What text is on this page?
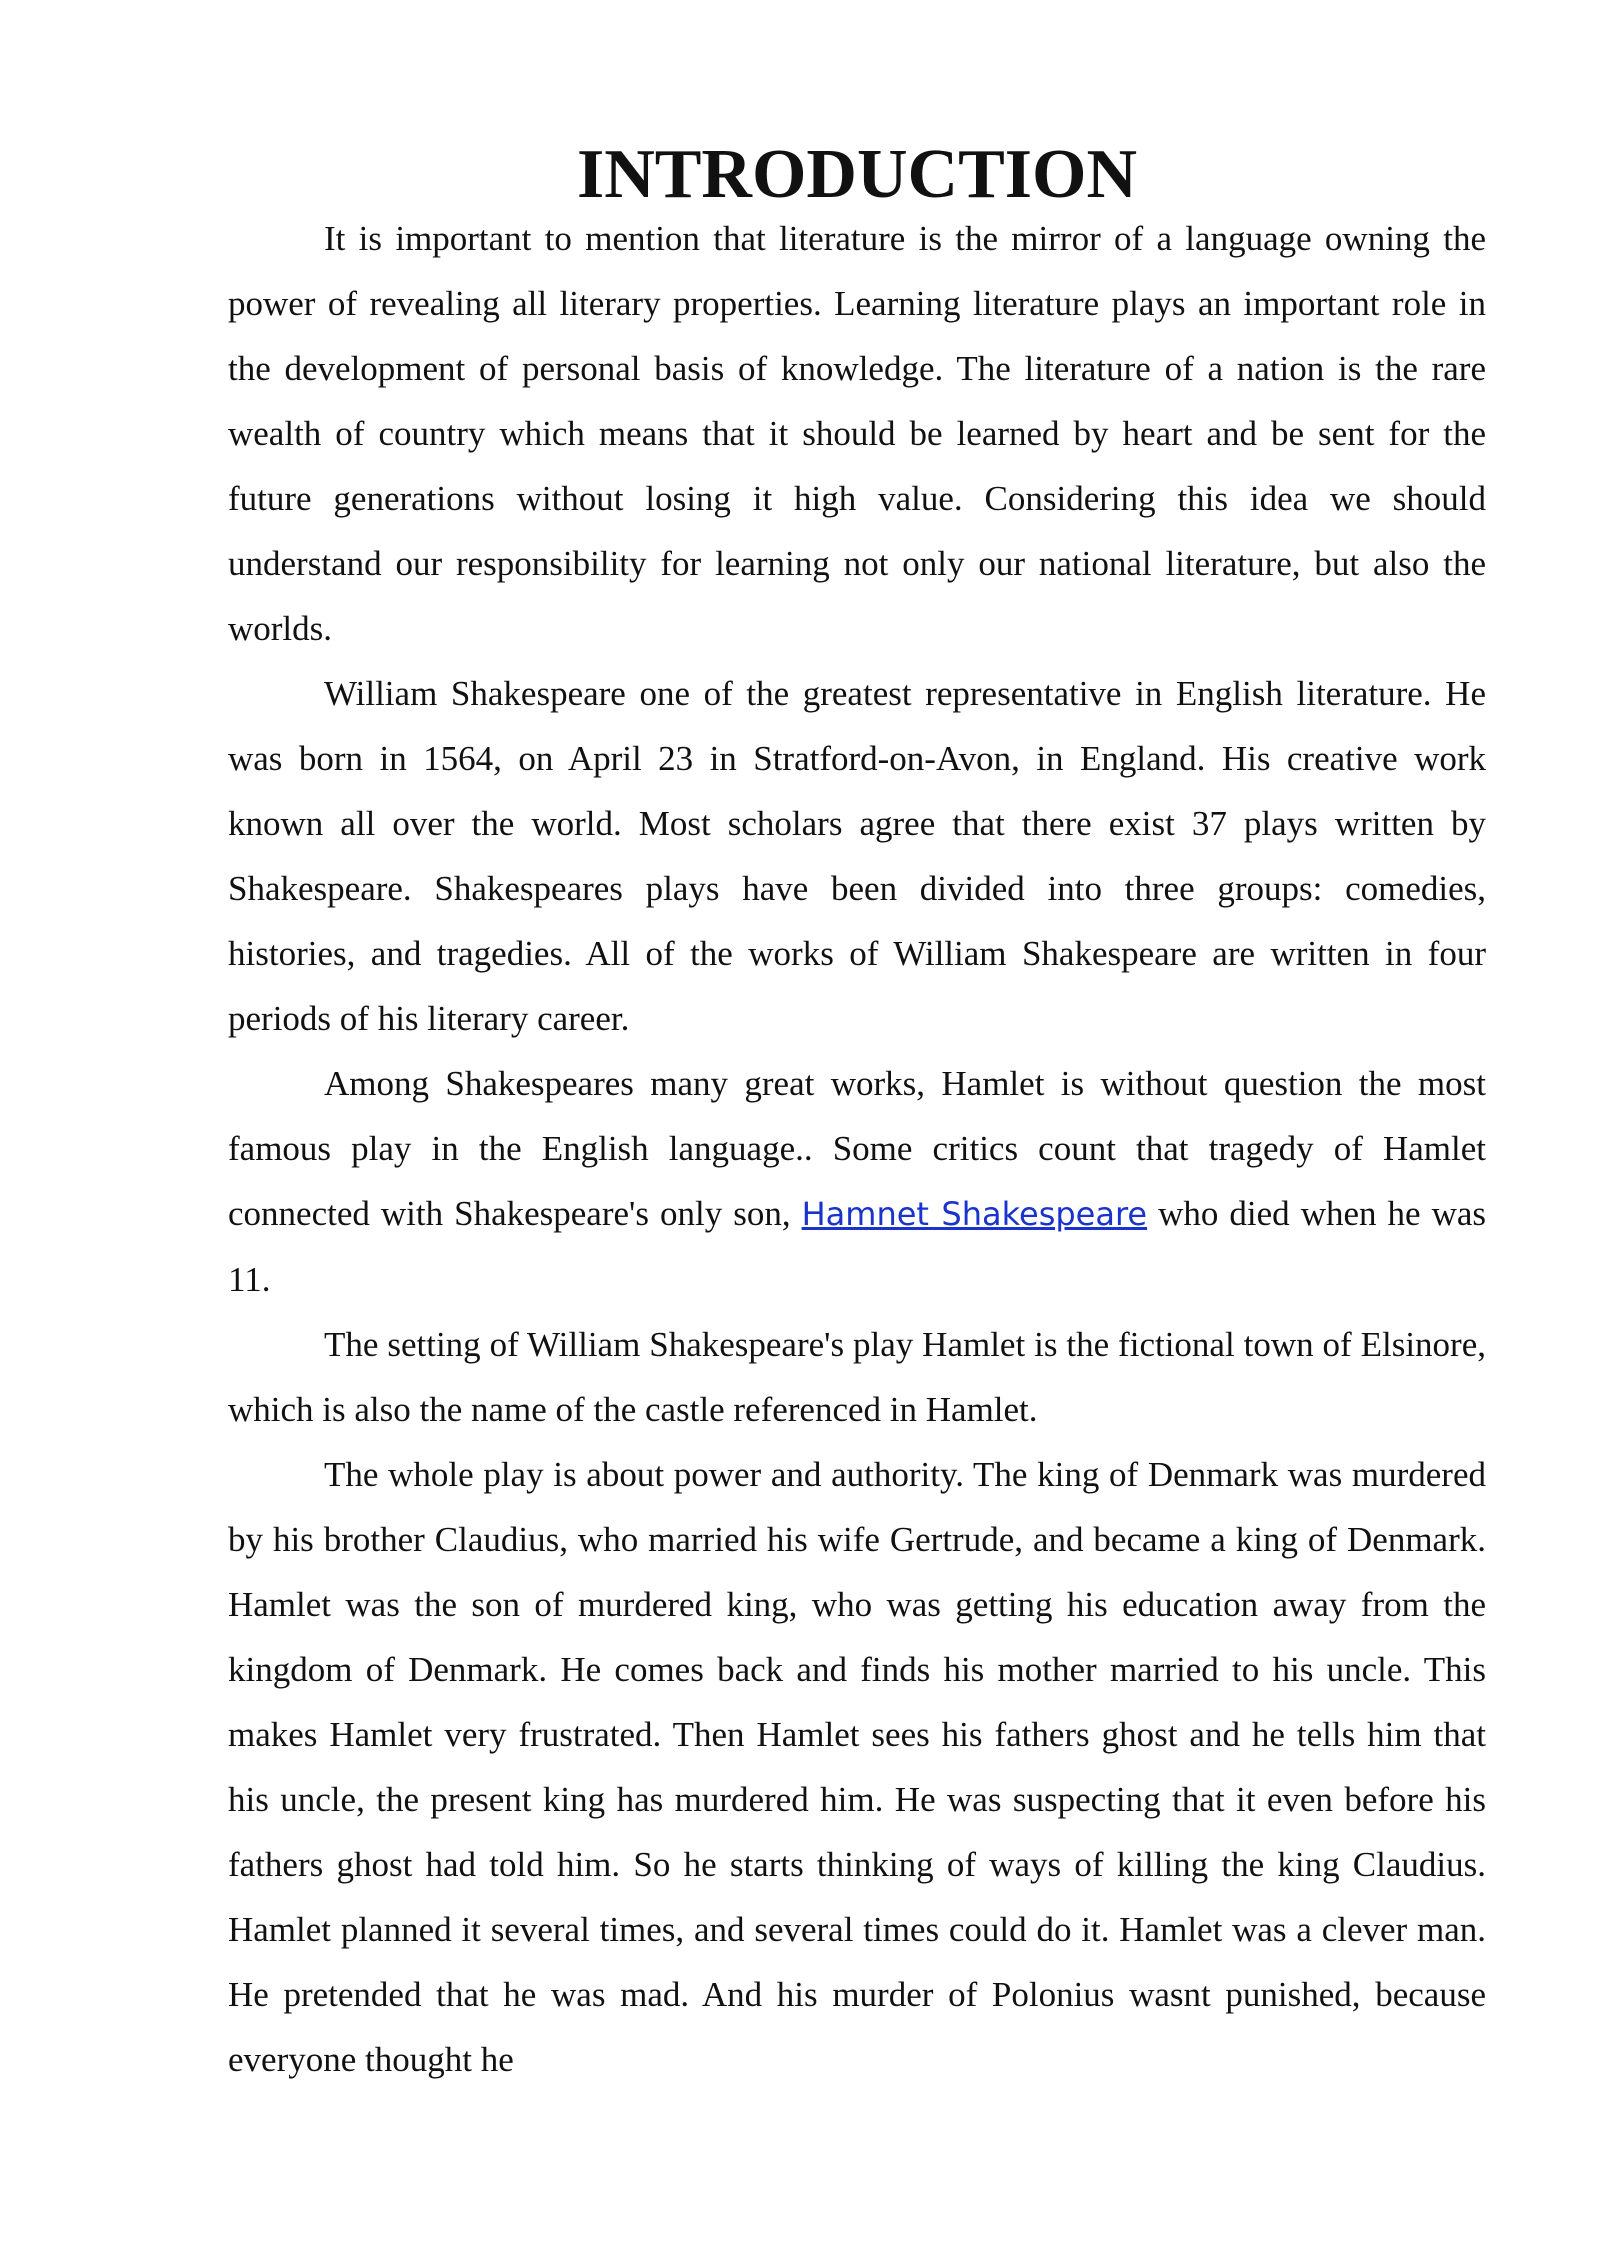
INTRODUCTION

It is important to mention that literature is the mirror of a language owning the power of revealing all literary properties. Learning literature plays an important role in the development of personal basis of knowledge. The literature of a nation is the rare wealth of country which means that it should be learned by heart and be sent for the future generations without losing it high value. Considering this idea we should understand our responsibility for learning not only our national literature, but also the worlds.

William Shakespeare one of the greatest representative in English literature. He was born in 1564, on April 23 in Stratford-on-Avon, in England. His creative work known all over the world. Most scholars agree that there exist 37 plays written by Shakespeare. Shakespeares plays have been divided into three groups: comedies, histories, and tragedies. All of the works of William Shakespeare are written in four periods of his literary career.

Among Shakespeares many great works, Hamlet is without question the most famous play in the English language.. Some critics count that tragedy of Hamlet connected with Shakespeare's only son, Hamnet Shakespeare who died when he was 11.

The setting of William Shakespeare's play Hamlet is the fictional town of Elsinore, which is also the name of the castle referenced in Hamlet.

The whole play is about power and authority. The king of Denmark was murdered by his brother Claudius, who married his wife Gertrude, and became a king of Denmark. Hamlet was the son of murdered king, who was getting his education away from the kingdom of Denmark. He comes back and finds his mother married to his uncle. This makes Hamlet very frustrated. Then Hamlet sees his fathers ghost and he tells him that his uncle, the present king has murdered him. He was suspecting that it even before his fathers ghost had told him. So he starts thinking of ways of killing the king Claudius. Hamlet planned it several times, and several times could do it. Hamlet was a clever man. He pretended that he was mad. And his murder of Polonius wasnt punished, because everyone thought he
